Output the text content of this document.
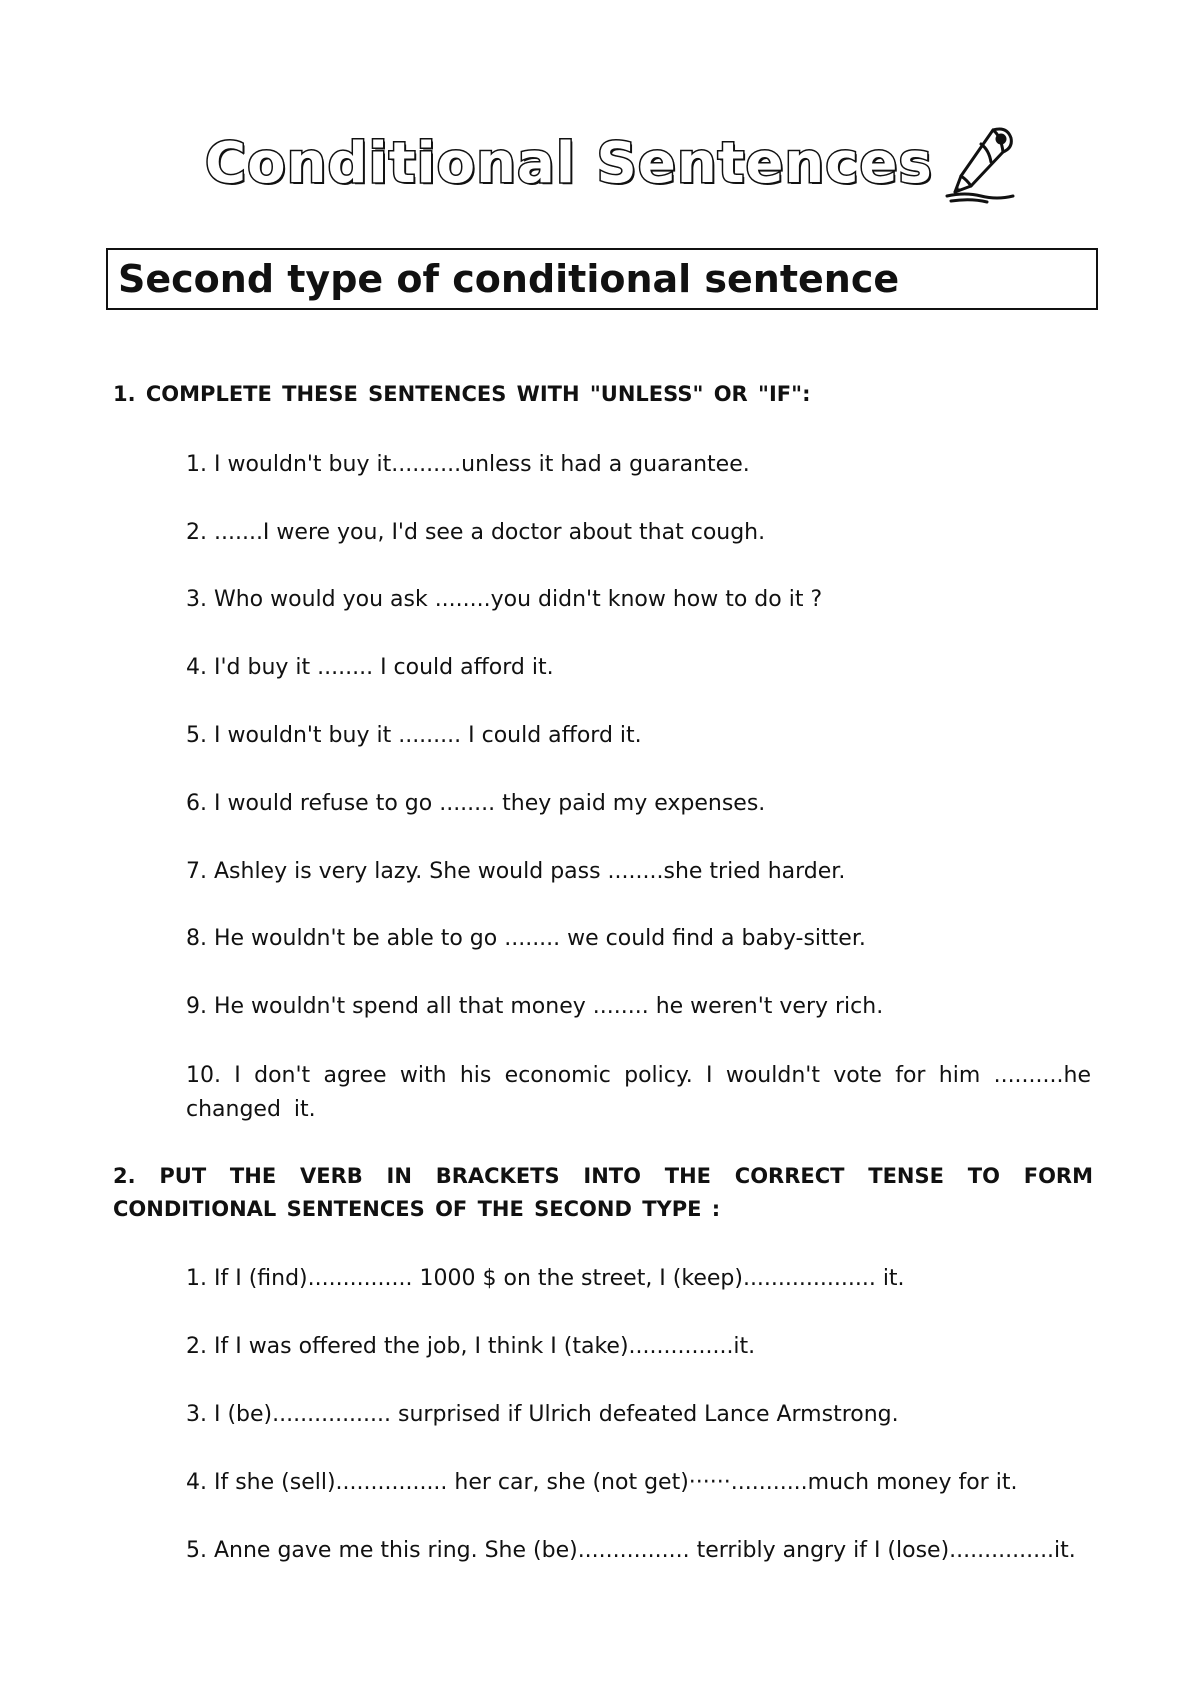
Conditional Sentences
Second type of conditional sentence
1. COMPLETE THESE SENTENCES WITH "UNLESS" OR "IF":
1. I wouldn't buy it..........unless it had a guarantee.
2. .......I were you, I'd see a doctor about that cough.
3. Who would you ask ........you didn't know how to do it ?
4. I'd buy it ........ I could afford it.
5. I wouldn't buy it ......... I could afford it.
6. I would refuse to go ........ they paid my expenses.
7. Ashley is very lazy. She would pass ........she tried harder.
8. He wouldn't be able to go ........ we could find a baby-sitter.
9. He wouldn't spend all that money ........ he weren't very rich.
10. I don't agree with his economic policy. I wouldn't vote for him ..........he changed it.
2. PUT THE VERB IN BRACKETS INTO THE CORRECT TENSE TO FORM CONDITIONAL SENTENCES OF THE SECOND TYPE :
1. If I (find)............... 1000 $ on the street, I (keep)................... it.
2. If I was offered the job, I think I (take)...............it.
3. I (be)................. surprised if Ulrich defeated Lance Armstrong.
4. If she (sell)................ her car, she (not get)······...........much money for it.
5. Anne gave me this ring. She (be)................ terribly angry if I (lose)...............it.
